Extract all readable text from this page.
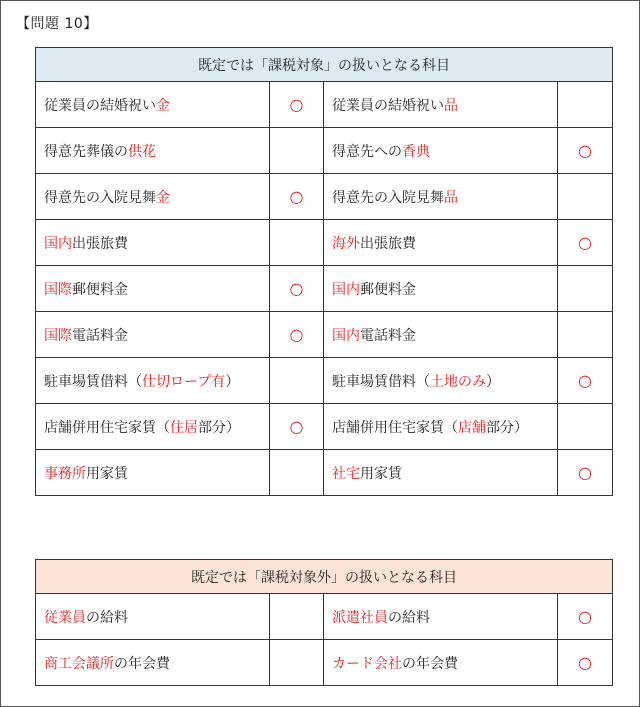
【問題 10】
既定では「課税対象」の扱いとなる科目			
従業員の結婚祝い金	○	従業員の結婚祝い品	
得意先葬儀の供花		得意先への香典	○
得意先の入院見舞金	○	得意先の入院見舞品	
国内出張旅費		海外出張旅費	○
国際郵便料金	○	国内郵便料金	
国際電話料金	○	国内電話料金	
駐車場賃借料（仕切ロープ有）		駐車場賃借料（土地のみ）	○
店舗併用住宅家賃（住居部分）	○	店舗併用住宅家賃（店舗部分）	
事務所用家賃		社宅用家賃	○
既定では「課税対象外」の扱いとなる科目			
従業員の給料		派遣社員の給料	○
商工会議所の年会費		カード会社の年会費	○
